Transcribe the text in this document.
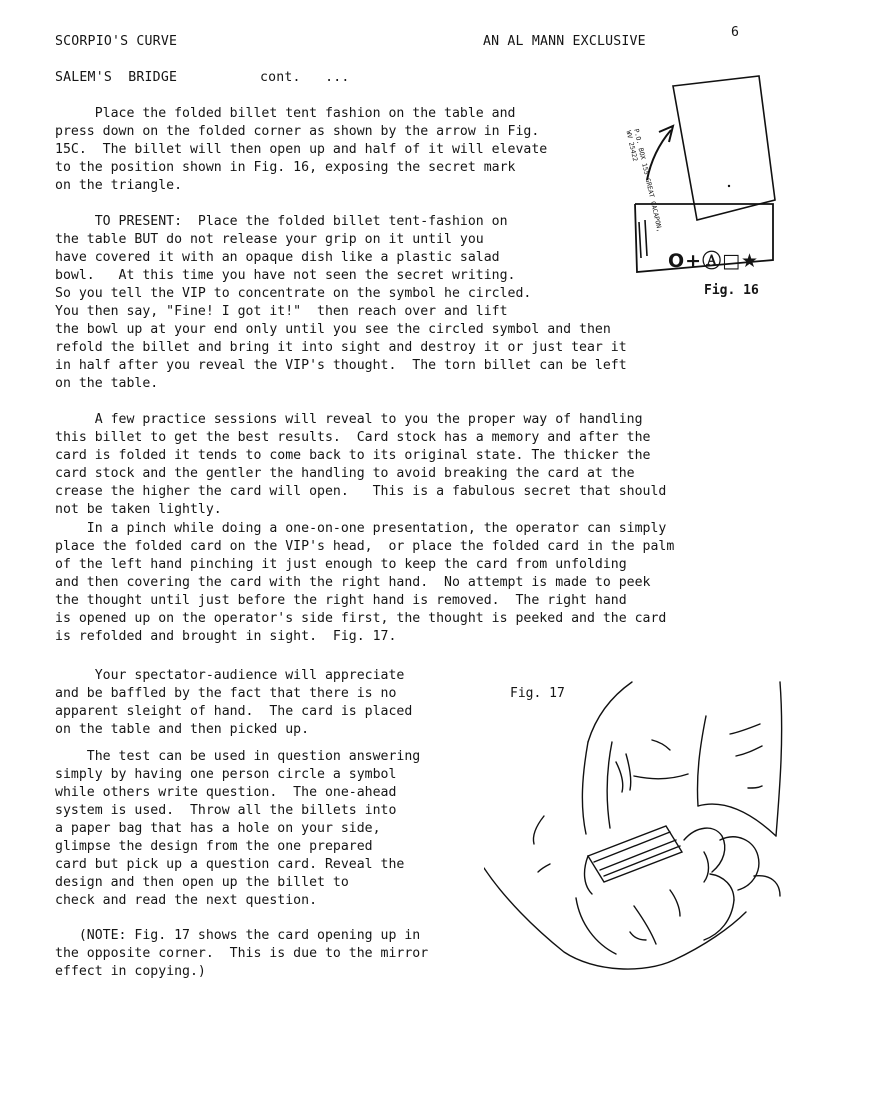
SCORPIO'S CURVE	AN AL MANN EXCLUSIVE
6
SALEM'S  BRIDGE	cont.   ...
Place the folded billet tent fashion on the table and
press down on the folded corner as shown by the arrow in Fig.
15C.  The billet will then open up and half of it will elevate
to the position shown in Fig. 16, exposing the secret mark
on the triangle.
TO PRESENT:  Place the folded billet tent-fashion on
the table BUT do not release your grip on it until you
have covered it with an opaque dish like a plastic salad
bowl.   At this time you have not seen the secret writing.
So you tell the VIP to concentrate on the symbol he circled.
You then say, "Fine! I got it!"  then reach over and lift
the bowl up at your end only until you see the circled symbol and then
refold the billet and bring it into sight and destroy it or just tear it
in half after you reveal the VIP's thought.  The torn billet can be left
on the table.
A few practice sessions will reveal to you the proper way of handling
this billet to get the best results.  Card stock has a memory and after the
card is folded it tends to come back to its original state. The thicker the
card stock and the gentler the handling to avoid breaking the card at the
crease the higher the card will open.   This is a fabulous secret that should
not be taken lightly.
In a pinch while doing a one-on-one presentation, the operator can simply
place the folded card on the VIP's head,  or place the folded card in the palm
of the left hand pinching it just enough to keep the card from unfolding
and then covering the card with the right hand.  No attempt is made to peek
the thought until just before the right hand is removed.  The right hand
is opened up on the operator's side first, the thought is peeked and the card
is refolded and brought in sight.  Fig. 17.
Your spectator-audience will appreciate
and be baffled by the fact that there is no
apparent sleight of hand.  The card is placed
on the table and then picked up.
The test can be used in question answering
simply by having one person circle a symbol
while others write question.  The one-ahead
system is used.  Throw all the billets into
a paper bag that has a hole on your side,
glimpse the design from the one prepared
card but pick up a question card. Reveal the
design and then open up the billet to
check and read the next question.
(NOTE: Fig. 17 shows the card opening up in
the opposite corner.  This is due to the mirror
effect in copying.)
P.O. BOX 155 GREAT CACAPON, WV 25422
O+Ⓐ□★
Fig. 16
Fig. 17
